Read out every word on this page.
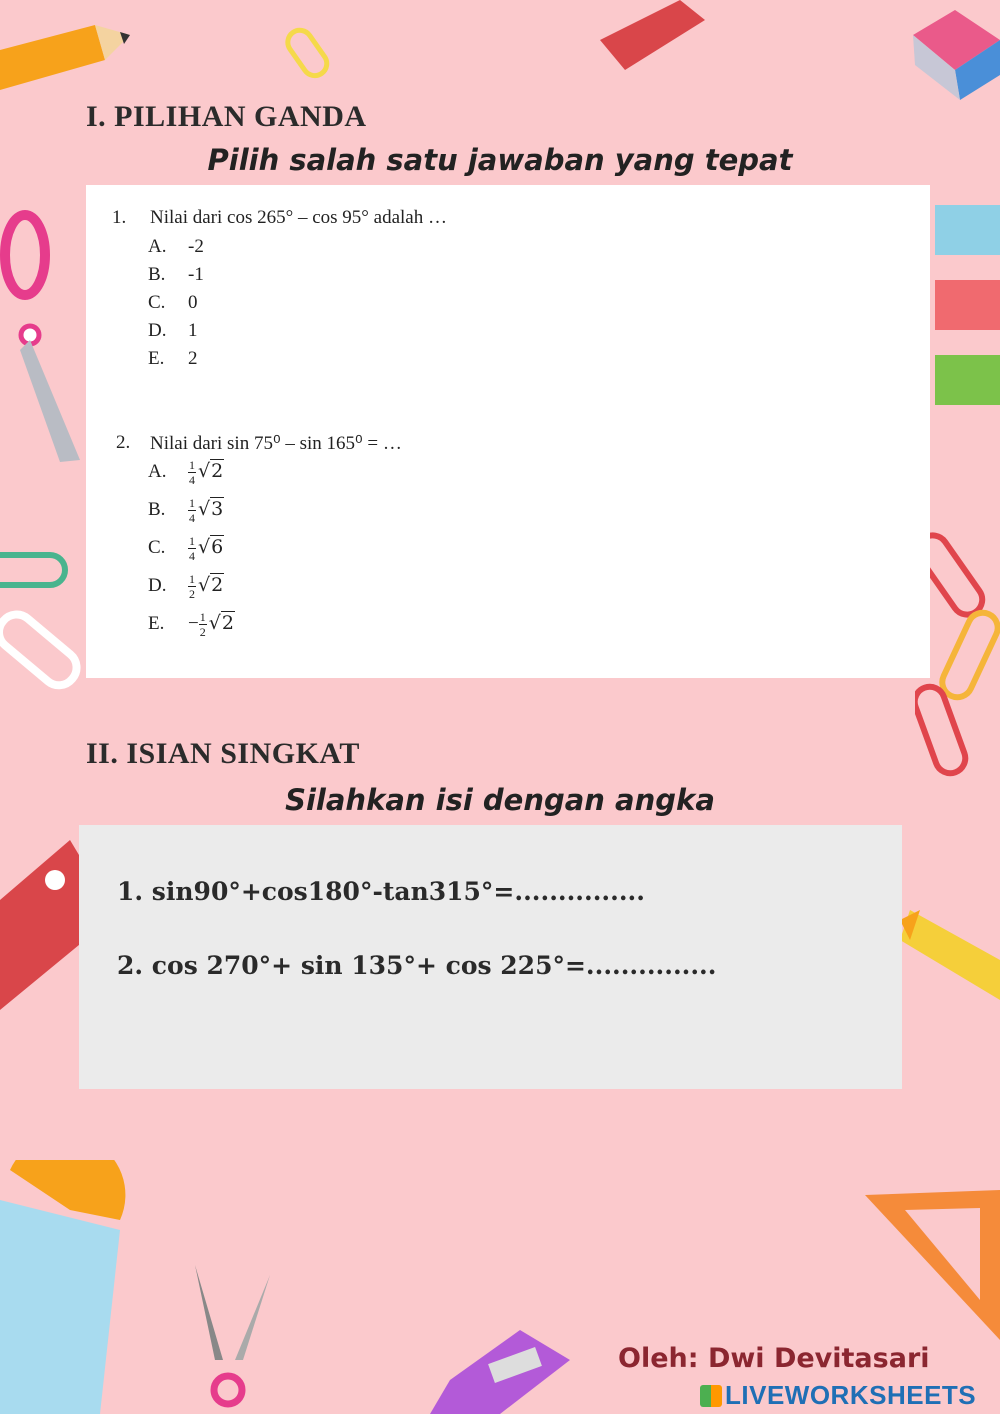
I. PILIHAN GANDA
Pilih salah satu jawaban yang tepat
1. Nilai dari cos 265° – cos 95° adalah …
A. -2
B. -1
C. 0
D. 1
E. 2
2. Nilai dari sin 75⁰ – sin 165⁰ = …
A. $\frac{1}{4} √2$
B. $\frac{1}{4} √3$
C. $\frac{1}{4} √6$
D. $\frac{1}{2} √2$
E. − $\frac{1}{2} √2$
II. ISIAN SINGKAT
Silahkan isi dengan angka
1. sin90°+cos180°-tan315°=...............
2. cos 270°+ sin 135°+ cos 225°=...............
Oleh: Dwi Devitasari
LIVEWORKSHEETS
